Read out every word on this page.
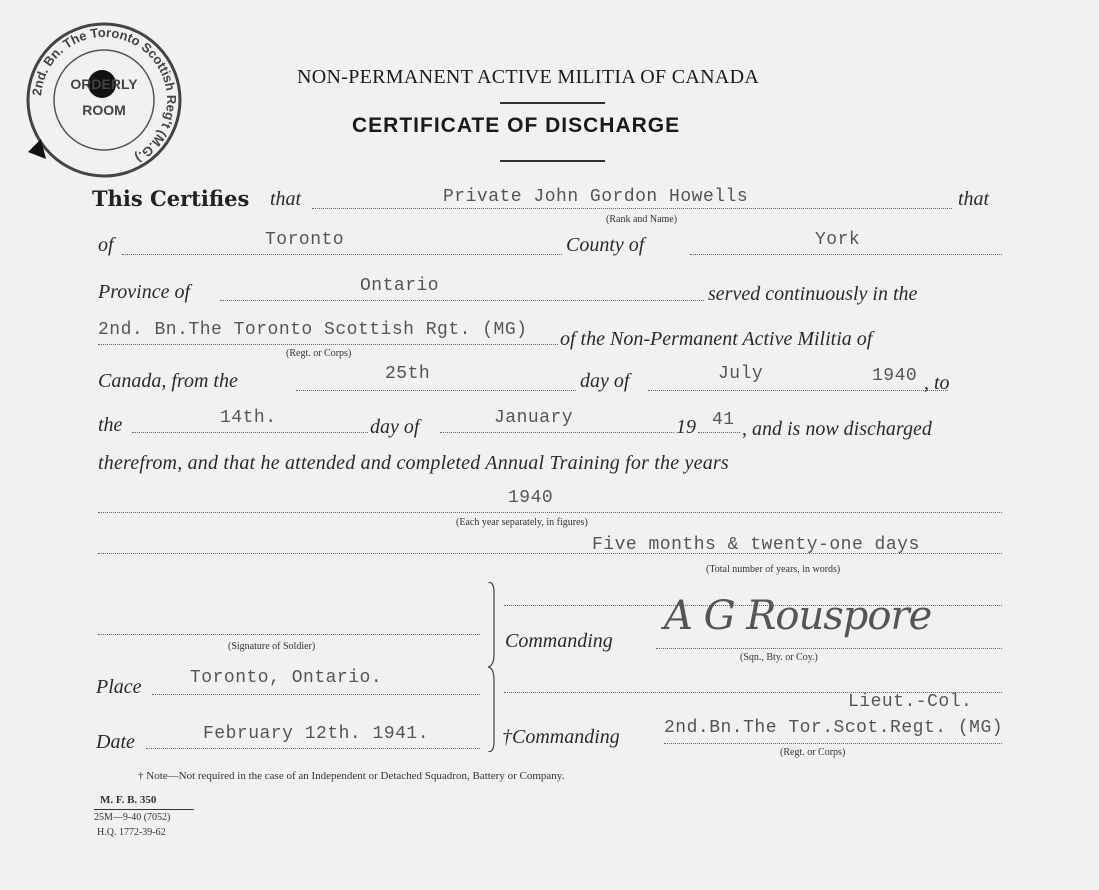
2nd. Bn. The Toronto Scottish Reg't (M.G.)
ORDERLY
ROOM
NON-PERMANENT ACTIVE MILITIA OF CANADA
CERTIFICATE OF DISCHARGE
This Certifies that	Private John Gordon Howells	that
(Rank and Name)
of	Toronto	County of	York
Province of	Ontario	served continuously in the
2nd. Bn.The Toronto Scottish Rgt. (MG) of the Non-Permanent Active Militia of
(Regt. or Corps)
Canada, from the	25th	day of	July	1940 , to
the	14th.	day of	January	19 41 , and is now discharged
therefrom, and that he attended and completed Annual Training for the years
1940
(Each year separately, in figures)
Five months & twenty-one days
(Total number of years, in words)
(Signature of Soldier)
Place	Toronto, Ontario.
Date	February 12th. 1941.
A G Rouspore
Commanding
(Sqn., Bty. or Coy.)
Lieut.-Col.
†Commanding 2nd.Bn.The Tor.Scot.Regt. (MG)
(Regt. or Corps)
† Note—Not required in the case of an Independent or Detached Squadron, Battery or Company.
M. F. B. 350
25M—9-40 (7052)
H.Q. 1772-39-62
